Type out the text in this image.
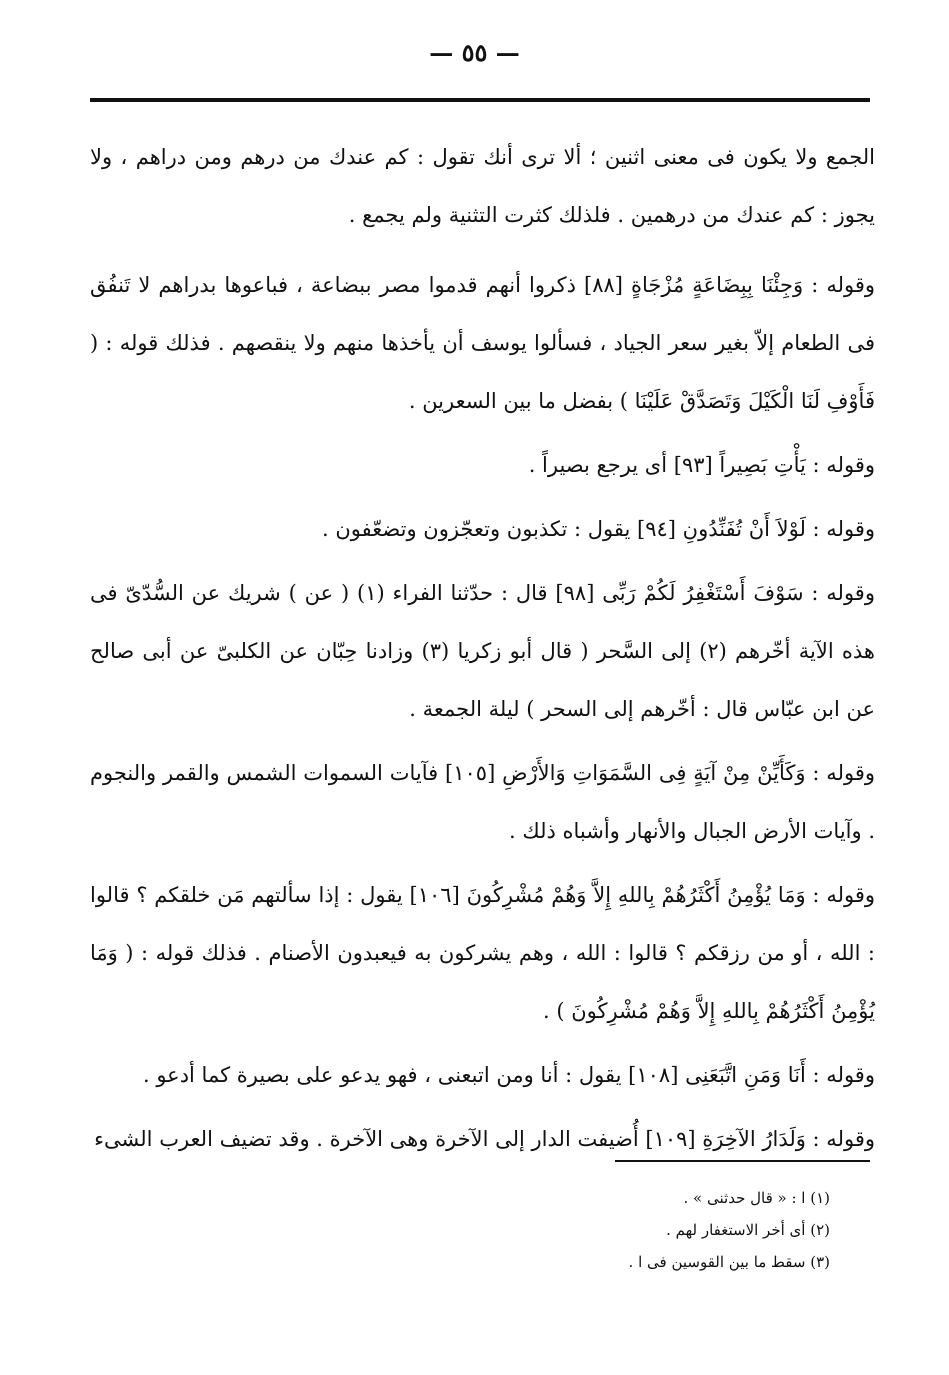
— ٥٥ —

الجمع ولا يكون فى معنى اثنين ؛ ألا ترى أنك تقول : كم عندك من درهم ومن دراهم ، ولا يجوز : كم عندك من درهمين . فلذلك كثرت التثنية ولم يجمع .

وقوله : وَجِئْنَا بِبِضَاعَةٍ مُزْجَاةٍ [٨٨] ذكروا أنهم قدموا مصر ببضاعة ، فباعوها بدراهم لا تَنفُق فى الطعام إلاّ بغير سعر الجياد ، فسألوا يوسف أن يأخذها منهم ولا ينقصهم . فذلك قوله : ( فَأَوْفِ لَنَا الْكَيْلَ وَتَصَدَّقْ عَلَيْنَا ) بفضل ما بين السعرين .

وقوله : يَأْتِ بَصِيراً [٩٣] أى يرجع بصيراً .

وقوله : لَوْلاَ أَنْ تُفَنِّدُونِ [٩٤] يقول : تكذبون وتعجّزون وتضعّفون .

وقوله : سَوْفَ أَسْتَغْفِرُ لَكُمْ رَبِّى [٩٨] قال : حدّثنا الفراء (١) ( عن ) شريك عن السُّدّىّ فى هذه الآية أخّرهم (٢) إلى السَّحر ( قال أبو زكريا (٣) وزادنا حِبّان عن الكلبىّ عن أبى صالح عن ابن عبّاس قال : أخّرهم إلى السحر ) ليلة الجمعة .

وقوله : وَكَأَيِّنْ مِنْ آيَةٍ فِى السَّمَوَاتِ وَالأَرْضِ [١٠٥] فآيات السموات الشمس والقمر والنجوم . وآيات الأرض الجبال والأنهار وأشباه ذلك .

وقوله : وَمَا يُؤْمِنُ أَكْثَرُهُمْ بِاللهِ إِلاَّ وَهُمْ مُشْرِكُونَ [١٠٦] يقول : إذا سألتهم مَن خلقكم ؟ قالوا : الله ، أو من رزقكم ؟ قالوا : الله ، وهم يشركون به فيعبدون الأصنام . فذلك قوله : ( وَمَا يُؤْمِنُ أَكْثَرُهُمْ بِاللهِ إِلاَّ وَهُمْ مُشْرِكُونَ ) .

وقوله : أَنَا وَمَنِ اتَّبَعَنِى [١٠٨] يقول : أنا ومن اتبعنى ، فهو يدعو على بصيرة كما أدعو .

وقوله : وَلَدَارُ الآخِرَةِ [١٠٩] أُضيفت الدار إلى الآخرة وهى الآخرة . وقد تضيف العرب الشىء

(١) ا : « قال حدثنى » .

(٢) أى أخر الاستغفار لهم .

(٣) سقط ما بين القوسين فى ا .
